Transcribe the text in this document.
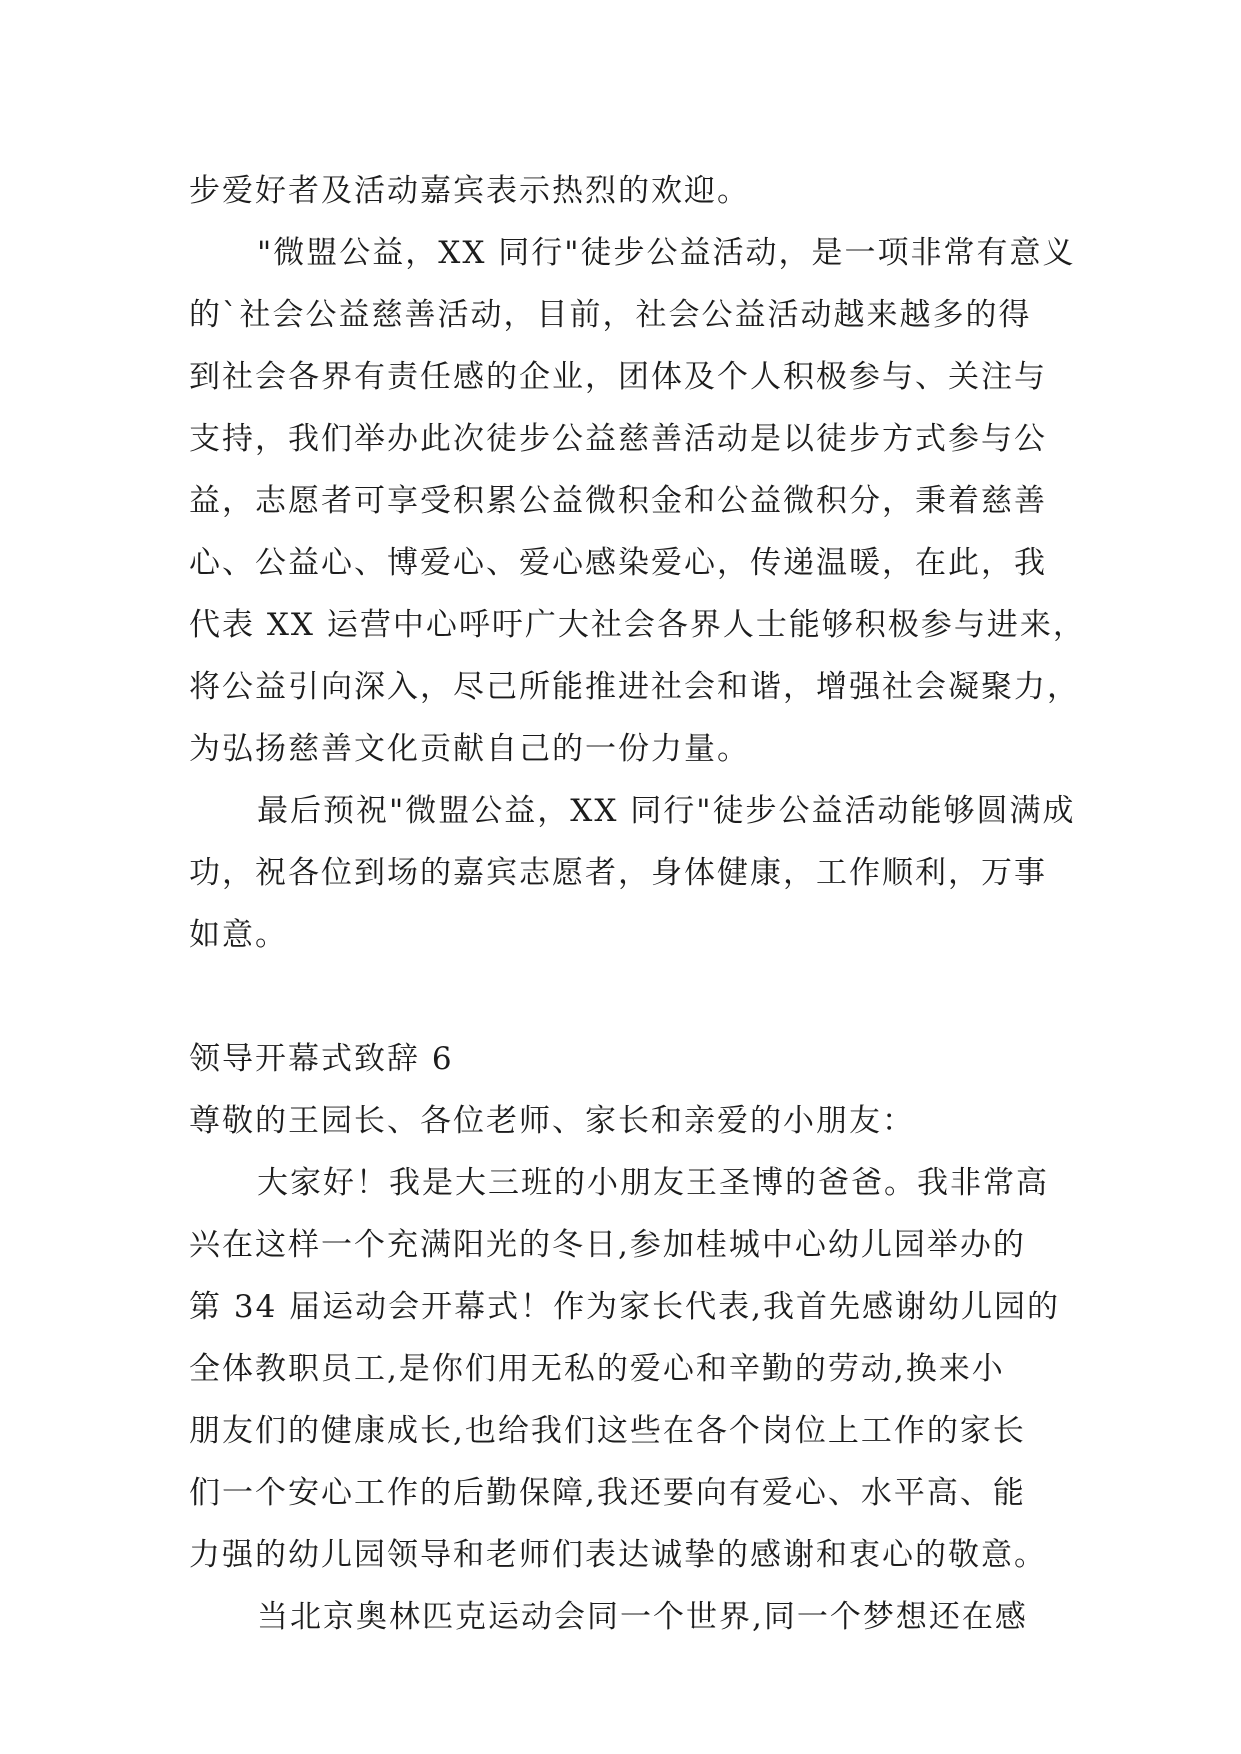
步爱好者及活动嘉宾表示热烈的欢迎。
"微盟公益，XX 同行"徒步公益活动，是一项非常有意义
的`社会公益慈善活动，目前，社会公益活动越来越多的得
到社会各界有责任感的企业，团体及个人积极参与、关注与
支持，我们举办此次徒步公益慈善活动是以徒步方式参与公
益，志愿者可享受积累公益微积金和公益微积分，秉着慈善
心、公益心、博爱心、爱心感染爱心，传递温暖，在此，我
代表 XX 运营中心呼吁广大社会各界人士能够积极参与进来，
将公益引向深入，尽己所能推进社会和谐，增强社会凝聚力，
为弘扬慈善文化贡献自己的一份力量。
最后预祝"微盟公益，XX 同行"徒步公益活动能够圆满成
功，祝各位到场的嘉宾志愿者，身体健康，工作顺利，万事
如意。
领导开幕式致辞 6
尊敬的王园长、各位老师、家长和亲爱的小朋友：
大家好！我是大三班的小朋友王圣博的爸爸。我非常高
兴在这样一个充满阳光的冬日,参加桂城中心幼儿园举办的
第 34 届运动会开幕式！作为家长代表,我首先感谢幼儿园的
全体教职员工,是你们用无私的爱心和辛勤的劳动,换来小
朋友们的健康成长,也给我们这些在各个岗位上工作的家长
们一个安心工作的后勤保障,我还要向有爱心、水平高、能
力强的幼儿园领导和老师们表达诚挚的感谢和衷心的敬意。
当北京奥林匹克运动会同一个世界,同一个梦想还在感
